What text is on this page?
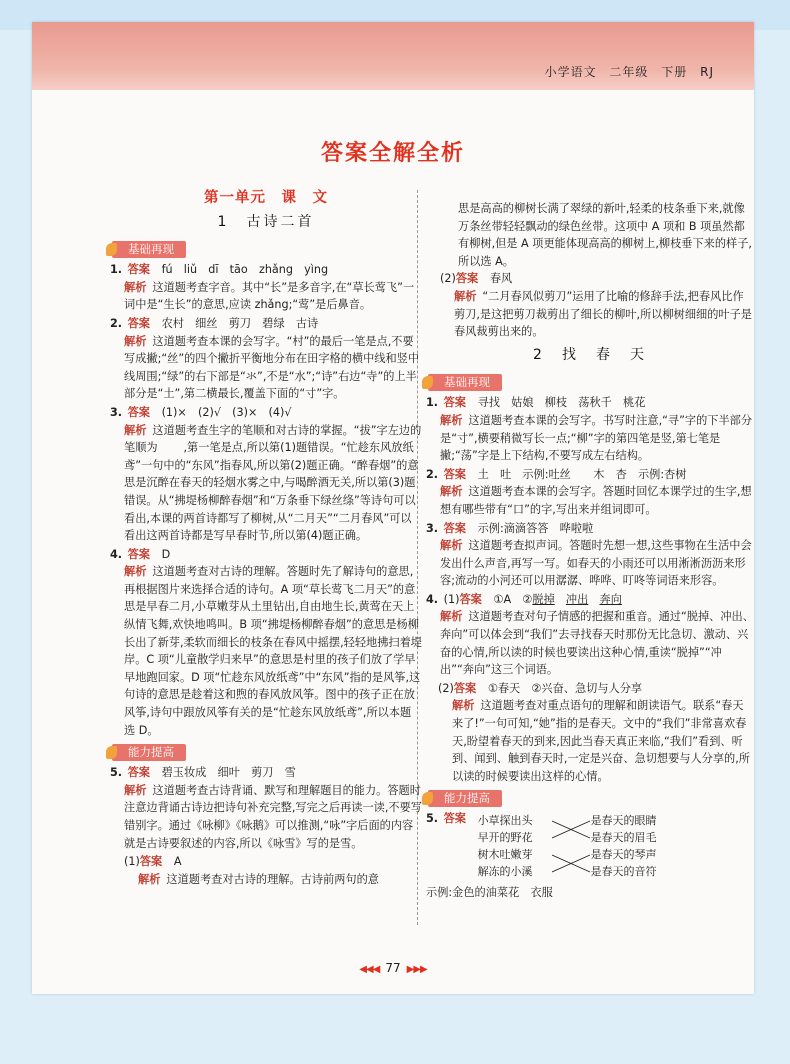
小学语文 二年级 下册 RJ
答案全解全析
第一单元　课　文
1　古诗二首
基础再现
1. 答案 fú　liǔ　dī　tāo　zhǎng　yìng
解析 这道题考查字音。其中“长”是多音字,在“草长莺飞”一词中是“生长”的意思,应读 zhǎng;“莺”是后鼻音。
2. 答案 农村　细丝　剪刀　碧绿　古诗
解析 这道题考查本课的会写字。“村”的最后一笔是点,不要写成撇;“丝”的四个撇折平衡地分布在田字格的横中线和竖中线周围;“绿”的右下部是“氺”,不是“水”;“诗”右边“寺”的上半部分是“土”,第二横最长,覆盖下面的“寸”字。
3. 答案 (1)×　(2)√　(3)×　(4)√
解析 这道题考查生字的笔顺和对古诗的掌握。“拔”字左边的笔顺为 　　,第一笔是点,所以第(1)题错误。“忙趁东风放纸鸢”一句中的“东风”指春风,所以第(2)题正确。“醉春烟”的意思是沉醉在春天的轻烟水雾之中,与喝醉酒无关,所以第(3)题错误。从“拂堤杨柳醉春烟”和“万条垂下绿丝绦”等诗句可以看出,本课的两首诗都写了柳树,从“二月天”“二月春风”可以看出这两首诗都是写早春时节,所以第(4)题正确。
4. 答案 D
解析 这道题考查对古诗的理解。答题时先了解诗句的意思,再根据图片来选择合适的诗句。A 项“草长莺飞二月天”的意思是早春二月,小草嫩芽从土里钻出,自由地生长,黄莺在天上纵情飞舞,欢快地鸣叫。B 项“拂堤杨柳醉春烟”的意思是杨柳长出了新芽,柔软而细长的枝条在春风中摇摆,轻轻地拂扫着堤岸。C 项“儿童散学归来早”的意思是村里的孩子们放了学早早地跑回家。D 项“忙趁东风放纸鸢”中“东风”指的是风筝,这句诗的意思是趁着这和煦的春风放风筝。图中的孩子正在放风筝,诗句中跟放风筝有关的是“忙趁东风放纸鸢”,所以本题选 D。
能力提高
5. 答案 碧玉妆成　细叶　剪刀　雪
解析 这道题考查古诗背诵、默写和理解题目的能力。答题时注意边背诵古诗边把诗句补充完整,写完之后再读一读,不要写错别字。通过《咏柳》《咏鹅》可以推测,“咏”字后面的内容就是古诗要叙述的内容,所以《咏雪》写的是雪。
(1)答案 A
解析 这道题考查对古诗的理解。古诗前两句的意
思是高高的柳树长满了翠绿的新叶,轻柔的枝条垂下来,就像万条丝带轻轻飘动的绿色丝带。这项中 A 项和 B 项虽然都有柳树,但是 A 项更能体现高高的柳树上,柳枝垂下来的样子,所以选 A。
(2)答案 春风
解析 “二月春风似剪刀”运用了比喻的修辞手法,把春风比作剪刀,是这把剪刀裁剪出了细长的柳叶,所以柳树细细的叶子是春风裁剪出来的。
2　找　春　天
基础再现
1. 答案 寻找　姑娘　柳枝　荡秋千　桃花
解析 这道题考查本课的会写字。书写时注意,“寻”字的下半部分是“寸”,横要稍微写长一点;“柳”字的第四笔是竖,第七笔是撇;“荡”字是上下结构,不要写成左右结构。
2. 答案 土　吐　示例:吐丝　　木　杏　示例:杏树
解析 这道题考查本课的会写字。答题时回忆本课学过的生字,想想有哪些带有“口”的字,写出来并组词即可。
3. 答案 示例:滴滴答答　哗啦啦
解析 这道题考查拟声词。答题时先想一想,这些事物在生活中会发出什么声音,再写一写。如春天的小雨还可以用淅淅沥沥来形容;流动的小河还可以用潺潺、哗哗、叮咚等词语来形容。
4. (1)答案 ①A　②脱掉　 冲出　 奔向
解析 这道题考查对句子情感的把握和重音。通过“脱掉、冲出、奔向”可以体会到“我们”去寻找春天时那份无比急切、激动、兴奋的心情,所以读的时候也要读出这种心情,重读“脱掉”“冲出”“奔向”这三个词语。
(2)答案 ①春天　②兴奋、急切与人分享
解析 这道题考查对重点语句的理解和朗读语气。联系“春天来了!”一句可知,“她”指的是春天。文中的“我们”非常喜欢春天,盼望着春天的到来,因此当春天真正来临,“我们”看到、听到、闻到、触到春天时,一定是兴奋、急切想要与人分享的,所以读的时候要读出这样的心情。
能力提高
5. 答案 小草探出头
早开的野花
树木吐嫩芽
解冻的小溪
是春天的眼睛
是春天的眉毛
是春天的琴声
是春天的音符
示例:金色的油菜花　衣服
◀◀◀ 77 ▶▶▶
